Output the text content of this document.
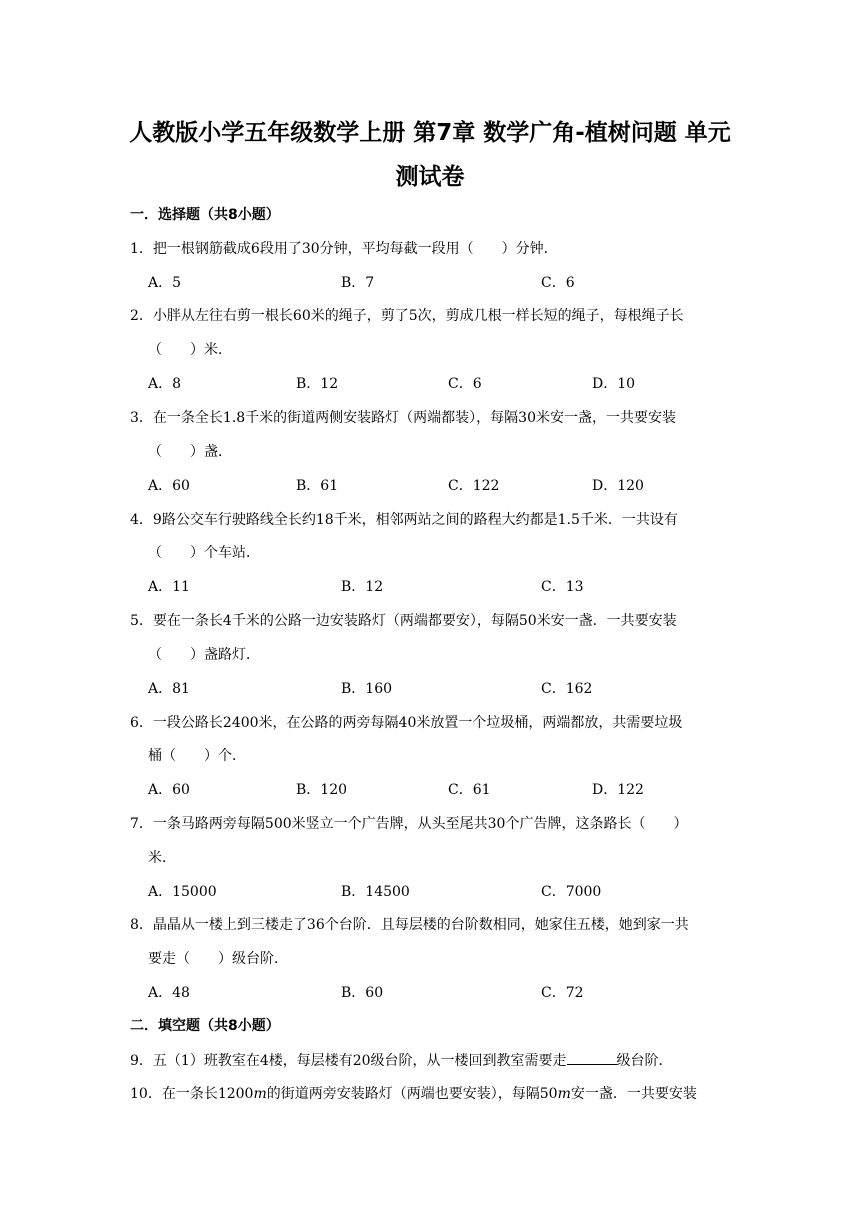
人教版小学五年级数学上册 第7章 数学广角-植树问题 单元
测试卷
一．选择题（共8小题）
1．把一根钢筋截成6段用了30分钟，平均每截一段用（　　）分钟．
A．5	B．7	C．6
2．小胖从左往右剪一根长60米的绳子，剪了5次，剪成几根一样长短的绳子，每根绳子长
（　　）米．
A．8	B．12	C．6	D．10
3．在一条全长1.8千米的街道两侧安装路灯（两端都装），每隔30米安一盏，一共要安装
（　　）盏．
A．60	B．61	C．122	D．120
4．9路公交车行驶路线全长约18千米，相邻两站之间的路程大约都是1.5千米．一共设有
（　　）个车站．
A．11	B．12	C．13
5．要在一条长4千米的公路一边安装路灯（两端都要安），每隔50米安一盏．一共要安装
（　　）盏路灯．
A．81	B．160	C．162
6．一段公路长2400米，在公路的两旁每隔40米放置一个垃圾桶，两端都放，共需要垃圾
桶（　　）个．
A．60	B．120	C．61	D．122
7．一条马路两旁每隔500米竖立一个广告牌，从头至尾共30个广告牌，这条路长（　　）
米．
A．15000	B．14500	C．7000
8．晶晶从一楼上到三楼走了36个台阶．且每层楼的台阶数相同，她家住五楼，她到家一共
要走（　　）级台阶．
A．48	B．60	C．72
二．填空题（共8小题）
9．五（1）班教室在4楼，每层楼有20级台阶，从一楼回到教室需要走	级台阶．
10．在一条长1200m的街道两旁安装路灯（两端也要安装），每隔50m安一盏．一共要安装
